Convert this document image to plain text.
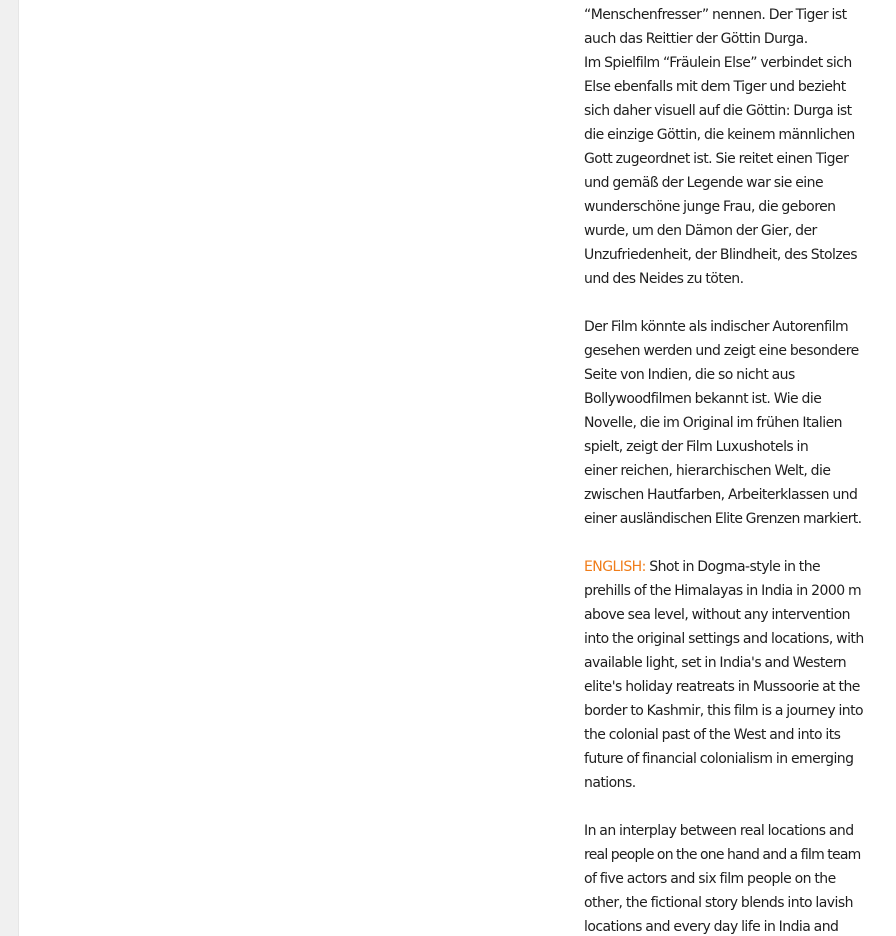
“Menschenfresser” nennen. Der Tiger ist
auch das Reittier der Göttin Durga.
Im Spielfilm “Fräulein Else” verbindet sich
Else ebenfalls mit dem Tiger und bezieht
sich daher visuell auf die Göttin: Durga ist
die einzige Göttin, die keinem männlichen
Gott zugeordnet ist. Sie reitet einen Tiger
und gemäß der Legende war sie eine
wunderschöne junge Frau, die geboren
wurde, um den Dämon der Gier, der
Unzufriedenheit, der Blindheit, des Stolzes
und des Neides zu töten.

Der Film könnte als indischer Autorenfilm
gesehen werden und zeigt eine besondere
Seite von Indien, die so nicht aus
Bollywoodfilmen bekannt ist. Wie die
Novelle, die im Original im frühen Italien
spielt, zeigt der Film Luxushotels in
einer reichen, hierarchischen Welt, die
zwischen Hautfarben, Arbeiterklassen und
einer ausländischen Elite Grenzen markiert.

ENGLISH: Shot in Dogma-style in the
prehills of the Himalayas in India in 2000 m
above sea level, without any intervention
into the original settings and locations, with
available light, set in India's and Western
elite's holiday reatreats in Mussoorie at the
border to Kashmir, this film is a journey into
the colonial past of the West and into its
future of financial colonialism in emerging
nations.

In an interplay between real locations and
real people on the one hand and a film team
of five actors and six film people on the
other, the fictional story blends into lavish
locations and every day life in India and
